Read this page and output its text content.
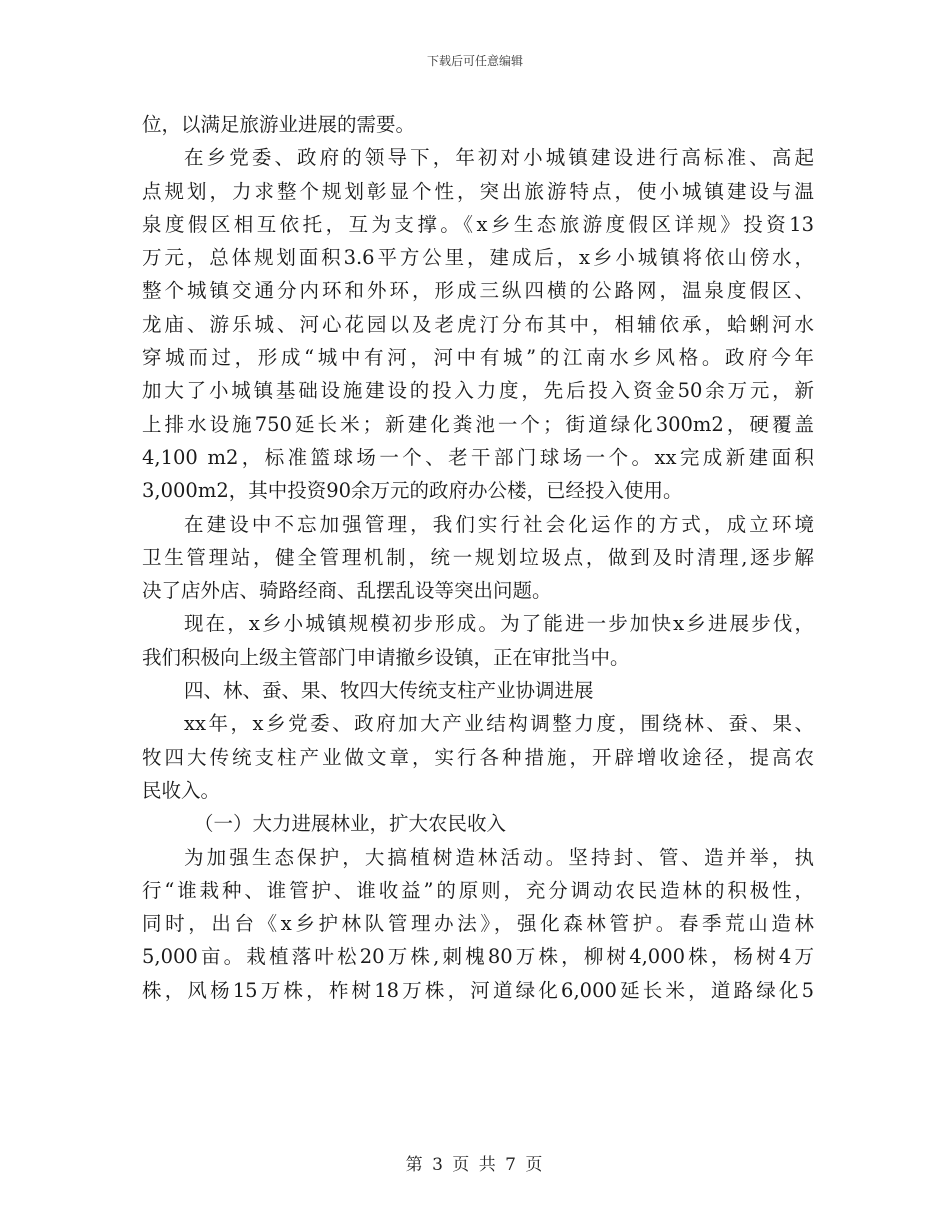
下载后可任意编辑
位，以满足旅游业进展的需要。
在乡党委、政府的领导下，年初对小城镇建设进行高标准、高起
点规划，力求整个规划彰显个性，突出旅游特点，使小城镇建设与温
泉度假区相互依托，互为支撑。《x乡生态旅游度假区详规》投资13
万元，总体规划面积3.6平方公里，建成后，x乡小城镇将依山傍水，
整个城镇交通分内环和外环，形成三纵四横的公路网，温泉度假区、
龙庙、游乐城、河心花园以及老虎汀分布其中，相辅依承，蛤蜊河水
穿城而过，形成“城中有河，河中有城”的江南水乡风格。政府今年
加大了小城镇基础设施建设的投入力度，先后投入资金50余万元，新
上排水设施750延长米；新建化粪池一个；街道绿化300m2，硬覆盖
4,100 m2，标准篮球场一个、老干部门球场一个。xx完成新建面积
3,000m2，其中投资90余万元的政府办公楼，已经投入使用。
在建设中不忘加强管理，我们实行社会化运作的方式，成立环境
卫生管理站，健全管理机制，统一规划垃圾点，做到及时清理,逐步解
决了店外店、骑路经商、乱摆乱设等突出问题。
现在，x乡小城镇规模初步形成。为了能进一步加快x乡进展步伐，
我们积极向上级主管部门申请撤乡设镇，正在审批当中。
四、林、蚕、果、牧四大传统支柱产业协调进展
xx年，x乡党委、政府加大产业结构调整力度，围绕林、蚕、果、
牧四大传统支柱产业做文章，实行各种措施，开辟增收途径，提高农
民收入。
（一）大力进展林业，扩大农民收入
为加强生态保护，大搞植树造林活动。坚持封、管、造并举，执
行“谁栽种、谁管护、谁收益”的原则，充分调动农民造林的积极性，
同时，出台《x乡护林队管理办法》，强化森林管护。春季荒山造林
5,000亩。栽植落叶松20万株,刺槐80万株，柳树4,000株，杨树4万
株，风杨15万株，柞树18万株，河道绿化6,000延长米，道路绿化5
第 3 页 共 7 页
